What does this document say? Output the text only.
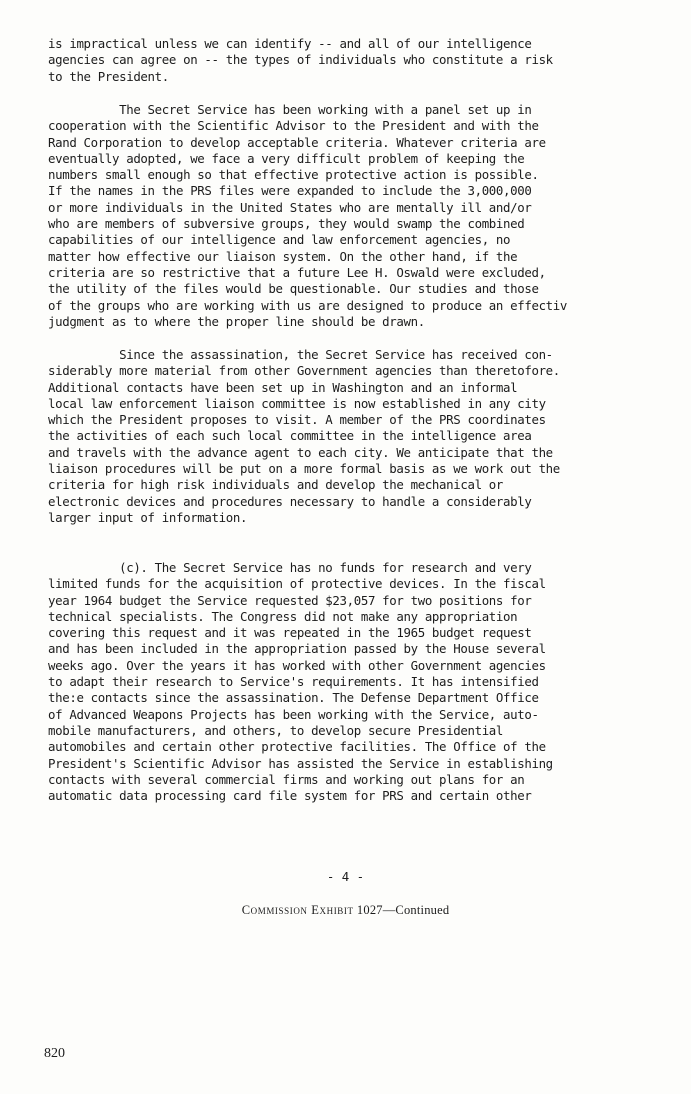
is impractical unless we can identify -- and all of our intelligence
agencies can agree on -- the types of individuals who constitute a risk
to the President.
The Secret Service has been working with a panel set up in
cooperation with the Scientific Advisor to the President and with the
Rand Corporation to develop acceptable criteria. Whatever criteria are
eventually adopted, we face a very difficult problem of keeping the
numbers small enough so that effective protective action is possible.
If the names in the PRS files were expanded to include the 3,000,000
or more individuals in the United States who are mentally ill and/or
who are members of subversive groups, they would swamp the combined
capabilities of our intelligence and law enforcement agencies, no
matter how effective our liaison system. On the other hand, if the
criteria are so restrictive that a future Lee H. Oswald were excluded,
the utility of the files would be questionable. Our studies and those
of the groups who are working with us are designed to produce an effectiv
judgment as to where the proper line should be drawn.
Since the assassination, the Secret Service has received con-
siderably more material from other Government agencies than theretofore.
Additional contacts have been set up in Washington and an informal
local law enforcement liaison committee is now established in any city
which the President proposes to visit. A member of the PRS coordinates
the activities of each such local committee in the intelligence area
and travels with the advance agent to each city. We anticipate that the
liaison procedures will be put on a more formal basis as we work out the
criteria for high risk individuals and develop the mechanical or
electronic devices and procedures necessary to handle a considerably
larger input of information.
(c). The Secret Service has no funds for research and very
limited funds for the acquisition of protective devices. In the fiscal
year 1964 budget the Service requested $23,057 for two positions for
technical specialists. The Congress did not make any appropriation
covering this request and it was repeated in the 1965 budget request
and has been included in the appropriation passed by the House several
weeks ago. Over the years it has worked with other Government agencies
to adapt their research to Service's requirements. It has intensified
the:e contacts since the assassination. The Defense Department Office
of Advanced Weapons Projects has been working with the Service, auto-
mobile manufacturers, and others, to develop secure Presidential
automobiles and certain other protective facilities. The Office of the
President's Scientific Advisor has assisted the Service in establishing
contacts with several commercial firms and working out plans for an
automatic data processing card file system for PRS and certain other
- 4 -
Commission Exhibit 1027—Continued
820
